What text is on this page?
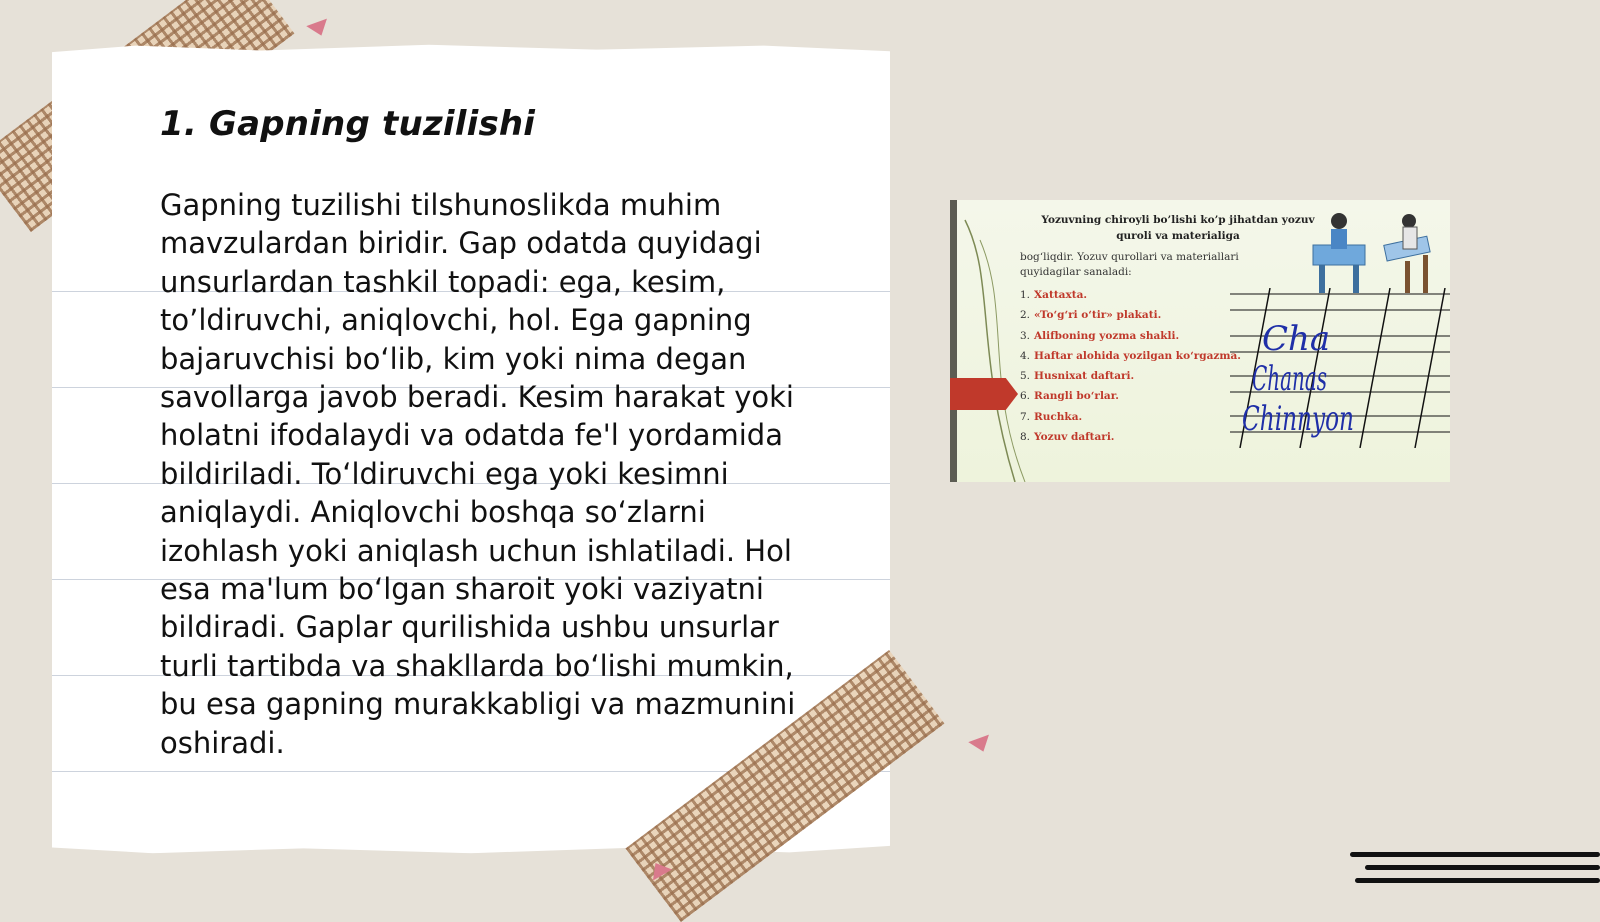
1. Gapning tuzilishi

Gapning tuzilishi tilshunoslikda muhim mavzulardan biridir. Gap odatda quyidagi unsurlardan tashkil topadi: ega, kesim, to’ldiruvchi, aniqlovchi, hol. Ega gapning bajaruvchisi bo‘lib, kim yoki nima degan savollarga javob beradi. Kesim harakat yoki holatni ifodalaydi va odatda fe'l yordamida bildiriladi. To‘ldiruvchi ega yoki kesimni aniqlaydi. Aniqlovchi boshqa so‘zlarni izohlash yoki aniqlash uchun ishlatiladi. Hol esa ma'lum bo‘lgan sharoit yoki vaziyatni bildiradi. Gaplar qurilishida ushbu unsurlar turli tartibda va shakllarda bo‘lishi mumkin, bu esa gapning murakkabligi va mazmunini oshiradi.

Yozuvning chiroyli bo’lishi ko’p jihatdan yozuv quroli va materialiga

bog‘liqdir. Yozuv qurollari va materiallari quyidagilar sanaladi:

1. Xattaxta.
2. «To‘g‘ri o‘tir» plakati.
3. Alifboning yozma shakli.
4. Haftar alohida yozilgan ko‘rgazma.
5. Husnixat daftari.
6. Rangli bo‘rlar.
7. Ruchka.
8. Yozuv daftari.
Cha
Chanas
Chinnyon
